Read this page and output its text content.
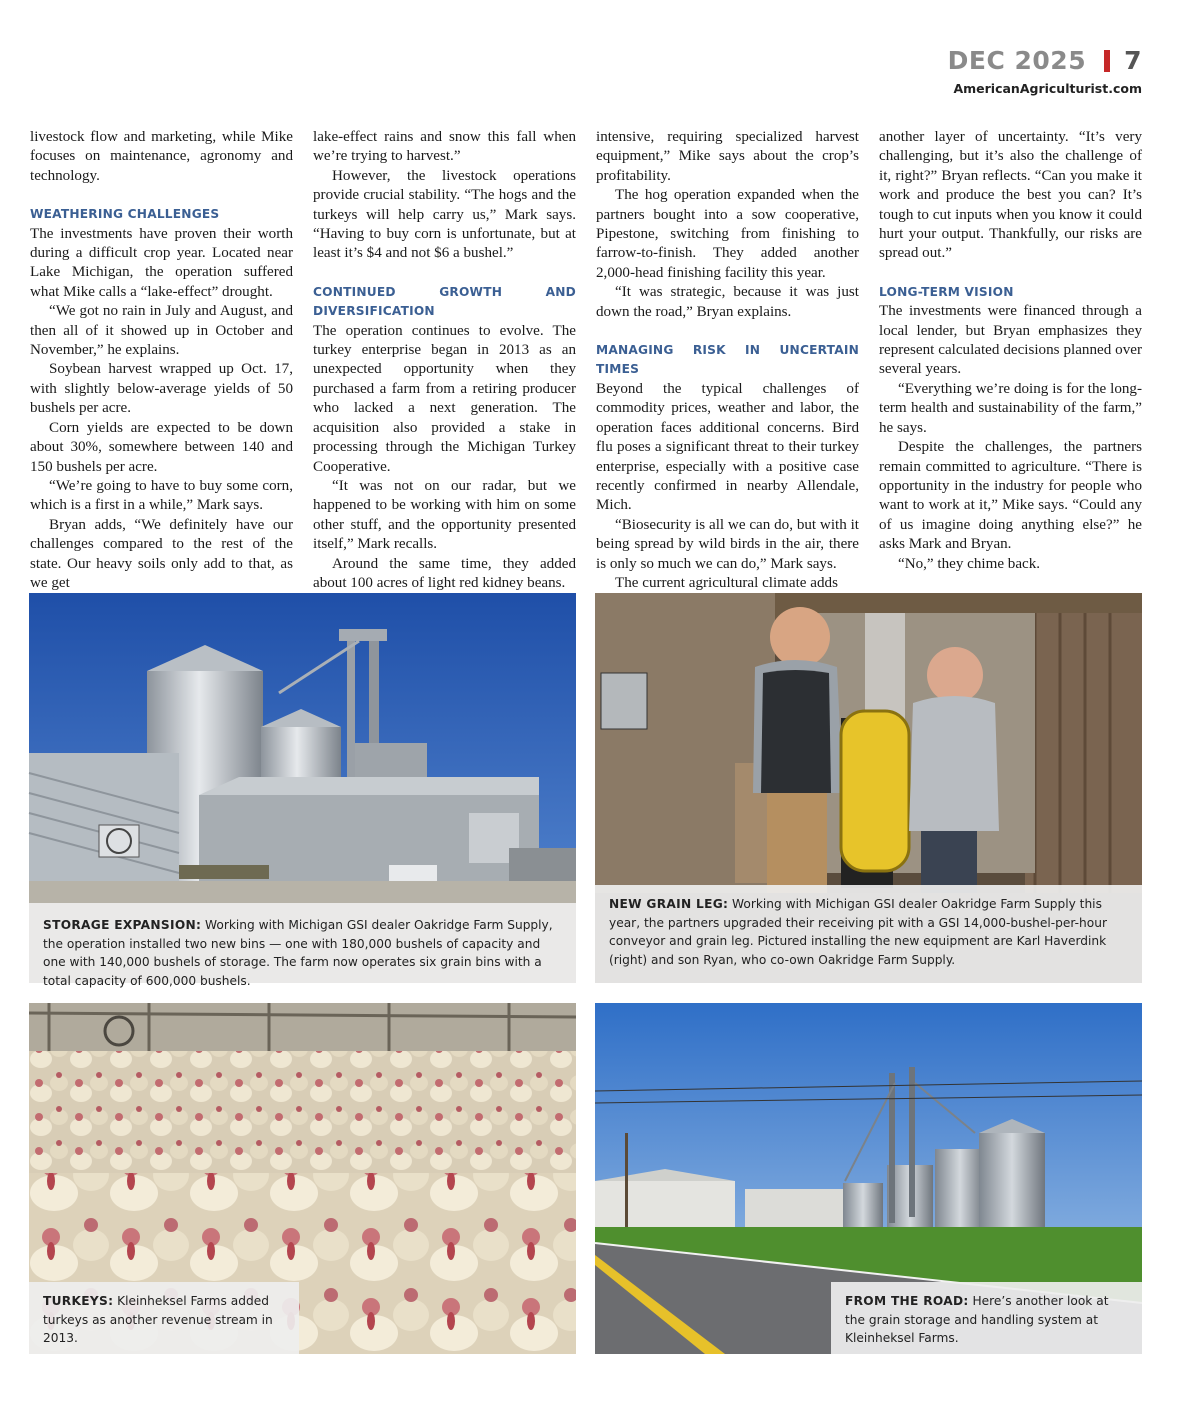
DEC 2025 7
AmericanAgriculturist.com

livestock flow and marketing, while Mike focuses on maintenance, agronomy and technology.

WEATHERING CHALLENGES

The investments have proven their worth during a difficult crop year. Located near Lake Michigan, the operation suffered what Mike calls a “lake-effect” drought.

“We got no rain in July and August, and then all of it showed up in October and November,” he explains.

Soybean harvest wrapped up Oct. 17, with slightly below-average yields of 50 bushels per acre.

Corn yields are expected to be down about 30%, somewhere between 140 and 150 bushels per acre.

“We’re going to have to buy some corn, which is a first in a while,” Mark says.

Bryan adds, “We definitely have our challenges compared to the rest of the state. Our heavy soils only add to that, as we get

lake-effect rains and snow this fall when we’re trying to harvest.”

However, the livestock operations provide crucial stability. “The hogs and the turkeys will help carry us,” Mark says. “Having to buy corn is unfortunate, but at least it’s $4 and not $6 a bushel.”

CONTINUED GROWTH AND DIVERSIFICATION

The operation continues to evolve. The turkey enterprise began in 2013 as an unexpected opportunity when they purchased a farm from a retiring producer who lacked a next generation. The acquisition also provided a stake in processing through the Michigan Turkey Cooperative.

“It was not on our radar, but we happened to be working with him on some other stuff, and the opportunity presented itself,” Mark recalls.

Around the same time, they added about 100 acres of light red kidney beans.

intensive, requiring specialized harvest equipment,” Mike says about the crop’s profitability.

The hog operation expanded when the partners bought into a sow cooperative, Pipestone, switching from finishing to farrow-to-finish. They added another 2,000-head finishing facility this year.

“It was strategic, because it was just down the road,” Bryan explains.

MANAGING RISK IN UNCERTAIN TIMES

Beyond the typical challenges of commodity prices, weather and labor, the operation faces additional concerns. Bird flu poses a significant threat to their turkey enterprise, especially with a positive case recently confirmed in nearby Allendale, Mich.

“Biosecurity is all we can do, but with it being spread by wild birds in the air, there is only so much we can do,” Mark says.

The current agricultural climate adds

another layer of uncertainty. “It’s very challenging, but it’s also the challenge of it, right?” Bryan reflects. “Can you make it work and produce the best you can? It’s tough to cut inputs when you know it could hurt your output. Thankfully, our risks are spread out.”

LONG-TERM VISION

The investments were financed through a local lender, but Bryan emphasizes they represent calculated decisions planned over several years.

“Everything we’re doing is for the long-term health and sustainability of the farm,” he says.

Despite the challenges, the partners remain committed to agriculture. “There is opportunity in the industry for people who want to work at it,” Mike says. “Could any of us imagine doing anything else?” he asks Mark and Bryan.

“No,” they chime back.

STORAGE EXPANSION: Working with Michigan GSI dealer Oakridge Farm Supply, the operation installed two new bins — one with 180,000 bushels of capacity and one with 140,000 bushels of storage. The farm now operates six grain bins with a total capacity of 600,000 bushels.
NEW GRAIN LEG: Working with Michigan GSI dealer Oakridge Farm Supply this year, the partners upgraded their receiving pit with a GSI 14,000-bushel-per-hour conveyor and grain leg. Pictured installing the new equipment are Karl Haverdink (right) and son Ryan, who co-own Oakridge Farm Supply.
TURKEYS: Kleinheksel Farms added turkeys as another revenue stream in 2013.
FROM THE ROAD: Here’s another look at the grain storage and handling system at Kleinheksel Farms.
